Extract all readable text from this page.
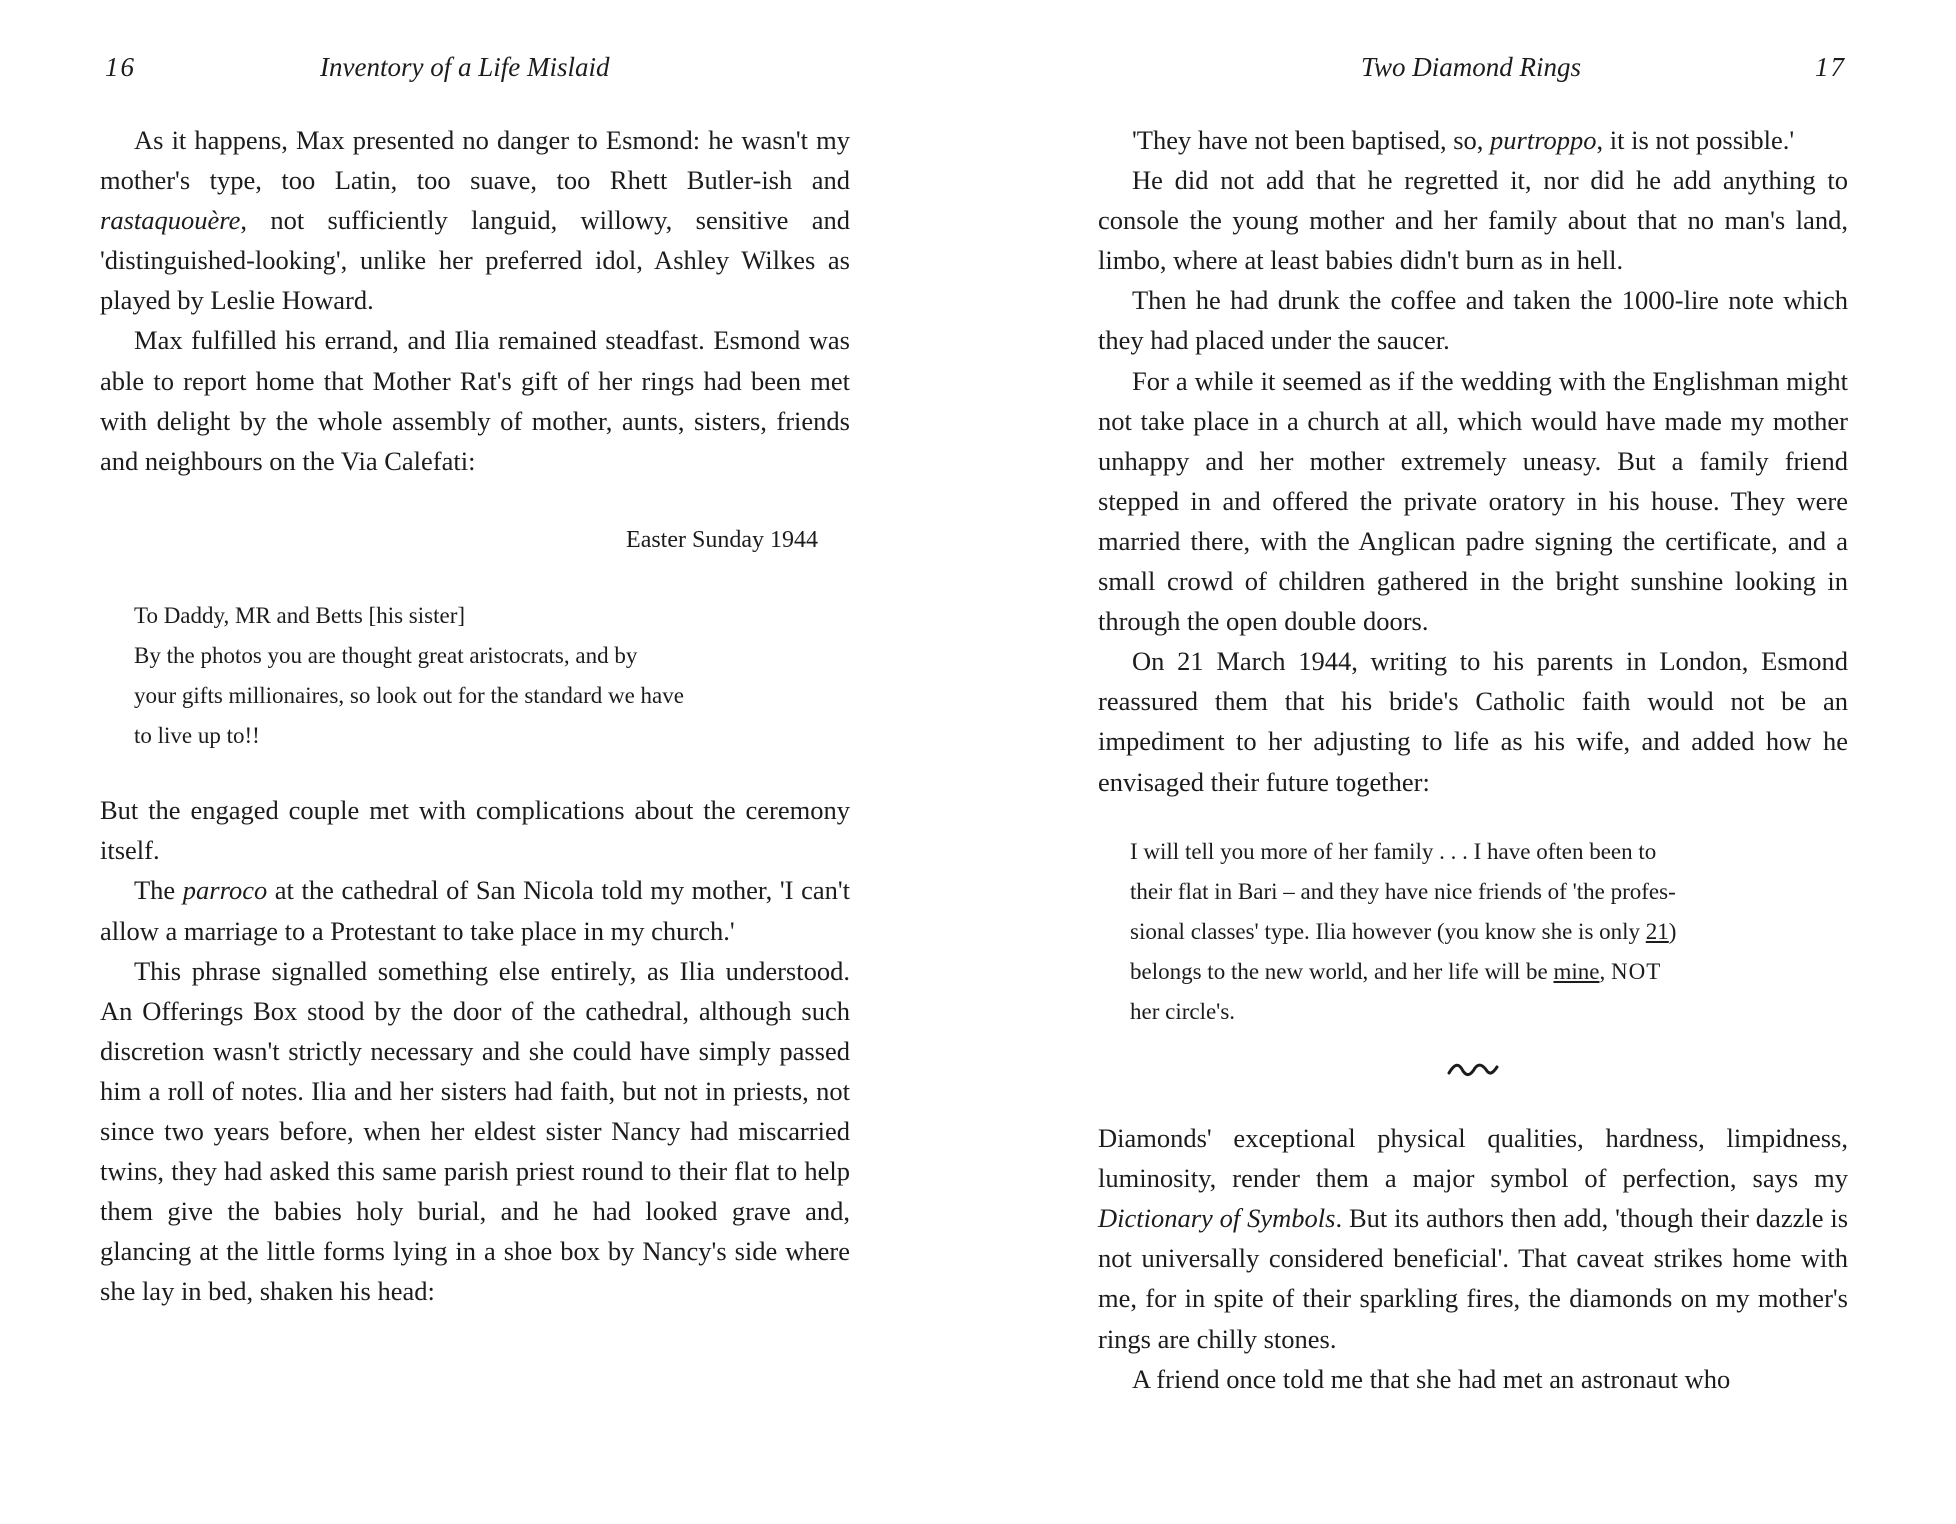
16	Inventory of a Life Mislaid

As it happens, Max presented no danger to Esmond: he wasn't my mother's type, too Latin, too suave, too Rhett Butler-ish and rastaquouère, not sufficiently languid, willowy, sensitive and 'distinguished-looking', unlike her preferred idol, Ashley Wilkes as played by Leslie Howard.

Max fulfilled his errand, and Ilia remained steadfast. Esmond was able to report home that Mother Rat's gift of her rings had been met with delight by the whole assembly of mother, aunts, sisters, friends and neighbours on the Via Calefati:

Easter Sunday 1944
To Daddy, MR and Betts [his sister]
By the photos you are thought great aristocrats, and by
your gifts millionaires, so look out for the standard we have
to live up to!!

But the engaged couple met with complications about the ceremony itself.

The parroco at the cathedral of San Nicola told my mother, 'I can't allow a marriage to a Protestant to take place in my church.'

This phrase signalled something else entirely, as Ilia understood. An Offerings Box stood by the door of the cathedral, although such discretion wasn't strictly necessary and she could have simply passed him a roll of notes. Ilia and her sisters had faith, but not in priests, not since two years before, when her eldest sister Nancy had miscarried twins, they had asked this same parish priest round to their flat to help them give the babies holy burial, and he had looked grave and, glancing at the little forms lying in a shoe box by Nancy's side where she lay in bed, shaken his head:

Two Diamond Rings	17

'They have not been baptised, so, purtroppo, it is not possible.'

He did not add that he regretted it, nor did he add anything to console the young mother and her family about that no man's land, limbo, where at least babies didn't burn as in hell.

Then he had drunk the coffee and taken the 1000-lire note which they had placed under the saucer.

For a while it seemed as if the wedding with the Englishman might not take place in a church at all, which would have made my mother unhappy and her mother extremely uneasy. But a family friend stepped in and offered the private oratory in his house. They were married there, with the Anglican padre signing the certificate, and a small crowd of children gathered in the bright sunshine looking in through the open double doors.

On 21 March 1944, writing to his parents in London, Esmond reassured them that his bride's Catholic faith would not be an impediment to her adjusting to life as his wife, and added how he envisaged their future together:

I will tell you more of her family . . . I have often been to
their flat in Bari – and they have nice friends of 'the profes-
sional classes' type. Ilia however (you know she is only 21)
belongs to the new world, and her life will be mine, NOT
her circle's.

Diamonds' exceptional physical qualities, hardness, limpidness, luminosity, render them a major symbol of perfection, says my Dictionary of Symbols. But its authors then add, 'though their dazzle is not universally considered beneficial'. That caveat strikes home with me, for in spite of their sparkling fires, the diamonds on my mother's rings are chilly stones.

A friend once told me that she had met an astronaut who
